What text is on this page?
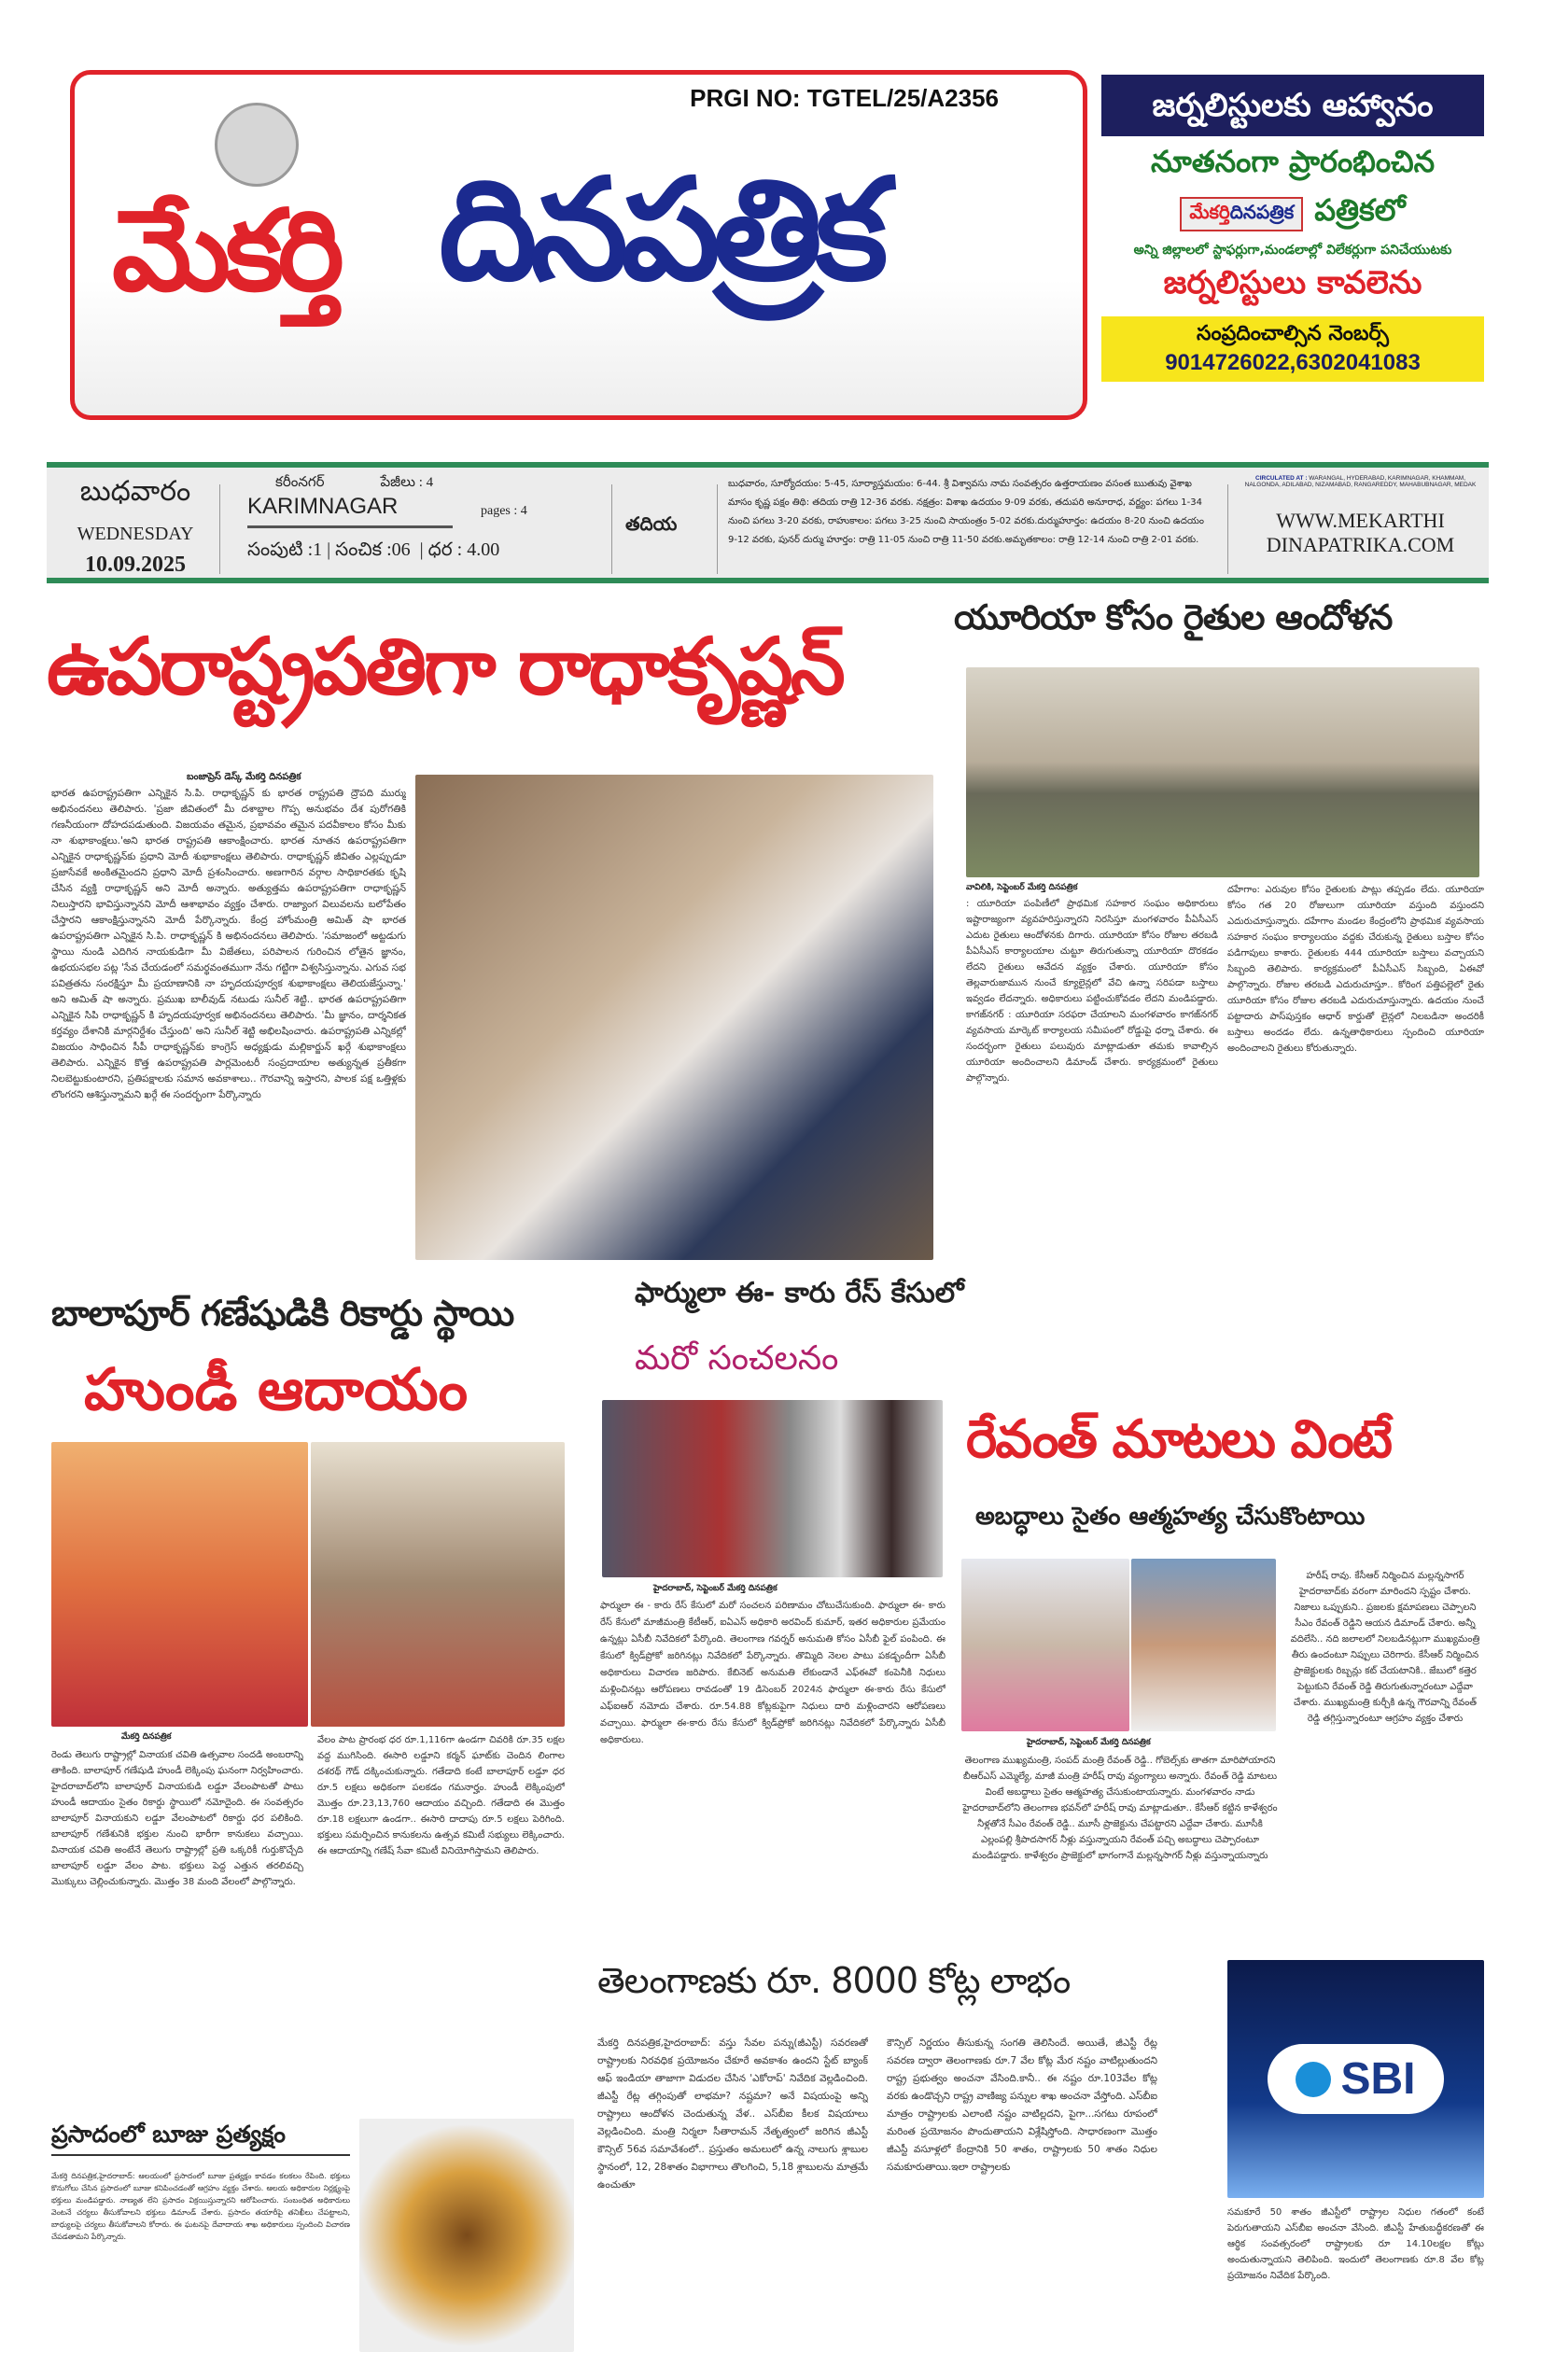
PRGI NO: TGTEL/25/A2356
మేకర్తి దినపత్రిక
జర్నలిస్టులకు ఆహ్వానం
నూతనంగా ప్రారంభించిన
మేకర్తిదినపత్రిక పత్రికలో
అన్ని జిల్లాలలో స్టాఫర్లుగా,మండలాల్లో విలేకర్లుగా పనిచేయుటకు
జర్నలిస్టులు కావలెను
సంప్రదించాల్సిన నెంబర్స్
9014726022,6302041083
బుధవారం
WEDNESDAY
10.09.2025
కరీంనగర్	పేజీలు : 4
KARIMNAGAR	pages : 4
సంపుటి :1 | సంచిక :06  | ధర : 4.00
తదియ
బుధవారం, సూర్యోదయం: 5-45, సూర్యాస్తమయం: 6-44. శ్రీ విశ్వావసు నామ సంవత్సరం ఉత్తరాయణం వసంత ఋతువు వైశాఖ మాసం కృష్ణ పక్షం తిథి: తదియ రాత్రి 12-36 వరకు. నక్షత్రం: విశాఖ ఉదయం 9-09 వరకు, తదుపరి అనూరాధ, వర్జ్యం: పగలు 1-34 నుంచి పగలు 3-20 వరకు, రాహుకాలం: పగలు 3-25 నుంచి సాయంత్రం 5-02 వరకు.దుర్ముహూర్తం: ఉదయం 8-20 నుంచి ఉదయం 9-12 వరకు, పునర్ దుర్ము హూర్తం: రాత్రి 11-05 నుంచి రాత్రి 11-50 వరకు.అమృతకాలం: రాత్రి 12-14 నుంచి రాత్రి 2-01 వరకు.
CIRCULATED AT : WARANGAL, HYDERABAD, KARIMNAGAR, KHAMMAM, NALGONDA, ADILABAD, NIZAMABAD, RANGAREDDY, MAHABUBNAGAR, MEDAK
WWW.MEKARTHI
DINAPATRIKA.COM
ఉపరాష్ట్రపతిగా రాధాకృష్ణన్
బంజాప్రెస్ డెస్క్ మేకర్తి దినపత్రిక
భారత ఉపరాష్ట్రపతిగా ఎన్నికైన సి.పి. రాధాకృష్ణన్ కు భారత రాష్ట్రపతి ద్రౌపది ముర్ము అభినందనలు తెలిపారు. 'ప్రజా జీవితంలో మీ దశాబ్దాల గొప్ప అనుభవం దేశ పురోగతికి గణనీయంగా దోహదపడుతుంది. విజయవం తమైన, ప్రభావవం తమైన పదవీకాలం కోసం మీకు నా శుభాకాంక్షలు.'అని భారత రాష్ట్రపతి ఆకాంక్షించారు. భారత నూతన ఉపరాష్ట్రపతిగా ఎన్నికైన రాధాకృష్ణన్‌కు ప్రధాని మోదీ శుభాకాంక్షలు తెలిపారు. రాధాకృష్ణన్ జీవితం ఎల్లప్పుడూ ప్రజాసేవకే అంకితమైందని ప్రధాని మోదీ ప్రశంసించారు. అణగారిన వర్గాల సాధికారతకు కృషి చేసిన వ్యక్తి రాధాకృష్ణన్ అని మోదీ అన్నారు. అత్యుత్తమ ఉపరాష్ట్రపతిగా రాధాకృష్ణన్ నిలుస్తారని భావిస్తున్నానని మోదీ ఆశాభావం వ్యక్తం చేశారు. రాజ్యాంగ విలువలను బలోపేతం చేస్తారని ఆకాంక్షిస్తున్నానని మోదీ పేర్కొన్నారు. కేంద్ర హోంమంత్రి అమిత్ షా భారత ఉపరాష్ట్రపతిగా ఎన్నికైన సి.పి. రాధాకృష్ణన్ కి అభినందనలు తెలిపారు. 'సమాజంలో అట్టడుగు స్థాయి నుండి ఎదిగిన నాయకుడిగా మీ విజేతలు, పరిపాలన గురించిన లోతైన జ్ఞానం, ఉభయసభల పట్ల 'సేవ చేయడంలో సమర్థవంతముగా నేను గట్టిగా విశ్వసిస్తున్నాను. ఎగువ సభ పవిత్రతను సంరక్షిస్తూ మీ ప్రయాణానికి నా హృదయపూర్వక శుభాకాంక్షలు తెలియజేస్తున్నా.' అని అమిత్ షా అన్నారు. ప్రముఖ బాలీవుడ్ నటుడు సునీల్ శెట్టి.. భారత ఉపరాష్ట్రపతిగా ఎన్నికైన సిపి రాధాకృష్ణన్ కి హృదయపూర్వక అభినందనలు తెలిపారు. 'మీ జ్ఞానం, దార్శనికత కర్తవ్యం దేశానికి మార్గనిర్దేశం చేస్తుంది' అని సునీల్ శెట్టి అభిలషించారు. ఉపరాష్ట్రపతి ఎన్నికల్లో విజయం సాధించిన సీపీ రాధాకృష్ణన్‌కు కాంగ్రెస్ అధ్యక్షుడు మల్లికార్జున్ ఖర్గే శుభాకాంక్షలు తెలిపారు. ఎన్నికైన కొత్త ఉపరాష్ట్రపతి పార్లమెంటరీ సంప్రదాయాల అత్యున్నత ప్రతీకగా నిలబెట్టుకుంటారని, ప్రతిపక్షాలకు సమాన అవకాశాలు.. గౌరవాన్ని ఇస్తారని, పాలక పక్ష ఒత్తిళ్లకు లొంగరని ఆశిస్తున్నామని ఖర్గే ఈ సందర్భంగా పేర్కొన్నారు
యూరియా కోసం రైతుల ఆందోళన
వావిలికి, సెప్టెంబర్ మేకర్తి దినపత్రిక
: యూరియా పంపిణీలో ప్రాథమిక సహకార సంఘం అధికారులు ఇష్టారాజ్యంగా వ్యవహరిస్తున్నారని నిరసిస్తూ మంగళవారం పీఏసీఎస్ ఎదుట రైతులు ఆందోళనకు దిగారు. యూరియా కోసం రోజుల తరబడి పీఏసీఎస్ కార్యాలయాల చుట్టూ తిరుగుతున్నా యూరియా దొరకడం లేదని రైతులు ఆవేదన వ్యక్తం చేశారు. యూరియా కోసం తెల్లవారుజామున నుంచే క్యూలైన్లలో వేచి ఉన్నా సరిపడా బస్తాలు ఇవ్వడం లేదన్నారు. అధికారులు పట్టించుకోవడం లేదని మండిపడ్డారు. కాగజ్‌నగర్ : యూరియా సరఫరా చేయాలని మంగళవారం కాగజ్‌నగర్ వ్యవసాయ మార్కెట్ కార్యాలయ సమీపంలో రోడ్డుపై ధర్నా చేశారు. ఈ సందర్భంగా రైతులు పలువురు మాట్లాడుతూ తమకు కావాల్సిన యూరియా అందించాలని డిమాండ్ చేశారు. కార్యక్రమంలో రైతులు పాల్గొన్నారు.
దహేగాం: ఎరువుల కోసం రైతులకు పాట్లు తప్పడం లేదు. యూరియా కోసం గత 20 రోజులుగా యూరియా వస్తుంది వస్తుందని ఎదురుచూస్తున్నారు. దహేగాం మండల కేంద్రంలోని ప్రాథమిక వ్యవసాయ సహకార సంఘం కార్యాలయం వద్దకు చేరుకున్న రైతులు బస్తాల కోసం పడిగాపులు కాశారు. రైతులకు 444 యూరియా బస్తాలు వచ్చాయని సిబ్బంది తెలిపారు. కార్యక్రమంలో పీఏసీఎస్ సిబ్బంది, ఏఈవో పాల్గొన్నారు. రోజుల తరబడి ఎదురుచూస్తూ.. కోరింగ పత్తిపల్లెలో రైతు యూరియా కోసం రోజుల తరబడి ఎదురుచూస్తున్నారు. ఉదయం నుంచే పట్టాదారు పాస్‌పుస్తకం ఆధార్ కార్డుతో లైన్లలో నిలబడినా అందరికీ బస్తాలు అందడం లేదు. ఉన్నతాధికారులు స్పందించి యూరియా అందించాలని రైతులు కోరుతున్నారు.
బాలాపూర్ గణేషుడికి రికార్డు స్థాయి
హుండీ ఆదాయం
మేకర్తి దినపత్రిక
రెండు తెలుగు రాష్ట్రాల్లో వినాయక చవితి ఉత్సవాల సందడి అంబరాన్ని తాకింది. బాలాపూర్ గణేషుడి హుండీ లెక్కింపు ఘనంగా నిర్వహించారు. హైదరాబాద్‌లోని బాలాపూర్ వినాయకుడి లడ్డూ వేలంపాటతో పాటు హుండీ ఆదాయం సైతం రికార్డు స్థాయిలో నమోదైంది. ఈ సంవత్సరం బాలాపూర్ వినాయకుని లడ్డూ వేలంపాటలో రికార్డు ధర పలికింది. బాలాపూర్ గణేశునికి భక్తుల నుంచి భారీగా కానుకలు వచ్చాయి. వినాయక చవితి అంటేనే తెలుగు రాష్ట్రాల్లో ప్రతి ఒక్కరికీ గుర్తుకొచ్చేది బాలాపూర్ లడ్డూ వేలం పాట. భక్తులు పెద్ద ఎత్తున తరలివచ్చి మొక్కులు చెల్లించుకున్నారు. మొత్తం 38 మంది వేలంలో పాల్గొన్నారు.
వేలం పాట ప్రారంభ ధర రూ.1,116గా ఉండగా చివరికి రూ.35 లక్షల వద్ద ముగిసింది. ఈసారి లడ్డూని కర్మన్ ఘాట్‌కు చెందిన లింగాల దశరథ్ గౌడ్ దక్కించుకున్నారు. గతేడాది కంటే బాలాపూర్ లడ్డూ ధర రూ.5 లక్షలు అధికంగా పలకడం గమనార్హం. హుండీ లెక్కింపులో మొత్తం రూ.23,13,760 ఆదాయం వచ్చింది. గతేడాది ఈ మొత్తం రూ.18 లక్షలుగా ఉండగా.. ఈసారి దాదాపు రూ.5 లక్షలు పెరిగింది. భక్తులు సమర్పించిన కానుకలను ఉత్సవ కమిటీ సభ్యులు లెక్కించారు. ఈ ఆదాయాన్ని గణేష్ సేవా కమిటీ వినియోగిస్తామని తెలిపారు.
ప్రసాదంలో బూజు ప్రత్యక్షం
మేకర్తి దినపత్రిక,హైదరాబాద్: ఆలయంలో ప్రసాదంలో బూజు ప్రత్యక్షం కావడం కలకలం రేపింది. భక్తులు కొనుగోలు చేసిన ప్రసాదంలో బూజు కనిపించడంతో ఆగ్రహం వ్యక్తం చేశారు. ఆలయ అధికారుల నిర్లక్ష్యంపై భక్తులు మండిపడ్డారు. నాణ్యత లేని ప్రసాదం విక్రయిస్తున్నారని ఆరోపించారు. సంబంధిత అధికారులు వెంటనే చర్యలు తీసుకోవాలని భక్తులు డిమాండ్ చేశారు. ప్రసాదం తయారీపై తనిఖీలు చేపట్టాలని, బాధ్యులపై చర్యలు తీసుకోవాలని కోరారు. ఈ ఘటనపై దేవాదాయ శాఖ అధికారులు స్పందించి విచారణ చేపడతామని పేర్కొన్నారు.
ఫార్ములా ఈ- కారు రేస్ కేసులో
మరో సంచలనం
హైదరాబాద్, సెప్టెంబర్ మేకర్తి దినపత్రిక
ఫార్ములా ఈ - కారు రేస్ కేసులో మరో సంచలన పరిణామం చోటుచేసుకుంది. ఫార్ములా ఈ- కారు రేస్ కేసులో మాజీమంత్రి కేటీఆర్, ఐఏఎస్ అధికారి అరవింద్ కుమార్, ఇతర అధికారుల ప్రమేయం ఉన్నట్లు ఏసీబీ నివేదికలో పేర్కొంది. తెలంగాణ గవర్నర్ అనుమతి కోసం ఏసీబీ ఫైల్ పంపింది. ఈ కేసులో క్విడ్‌ప్రోకో జరిగినట్లు నివేదికలో పేర్కొన్నారు. తొమ్మిది నెలల పాటు పకడ్బందీగా ఏసీబీ అధికారులు విచారణ జరిపారు. కేబినెట్ అనుమతి లేకుండానే ఎఫ్‌ఈవో కంపెనీకి నిధులు మళ్లించినట్లు ఆరోపణలు రావడంతో 19 డిసెంబర్ 2024న ఫార్ములా ఈ-కారు రేసు కేసులో ఎఫ్ఐఆర్ నమోదు చేశారు. రూ.54.88 కోట్లకుపైగా నిధులు దారి మళ్లించారని ఆరోపణలు వచ్చాయి. ఫార్ములా ఈ-కారు రేసు కేసులో క్విడ్‌ప్రోకో జరిగినట్లు నివేదికలో పేర్కొన్నారు ఏసీబీ అధికారులు.
రేవంత్ మాటలు వింటే
అబద్ధాలు సైతం ఆత్మహత్య చేసుకొంటాయి
హరీష్ రావు. కేసీఆర్ నిర్మించిన మల్లన్నసాగర్ హైదరాబాద్‌కు వరంగా మారిందని స్పష్టం చేశారు. నిజాలు ఒప్పుకుని.. ప్రజలకు క్షమాపణలు చెప్పాలని సీఎం రేవంత్ రెడ్డిని ఆయన డిమాండ్ చేశారు. అన్నీ వదిలేసి.. నది జలాలలో నిలబడినట్లుగా ముఖ్యమంత్రి తీరు ఉందంటూ నిప్పులు చెరిగారు. కేసీఆర్ నిర్మించిన ప్రాజెక్టులకు రిబ్బన్లు కట్ చేయటానికి.. జేబులో కత్తెర పెట్టుకుని రేవంత్ రెడ్డి తిరుగుతున్నారంటూ ఎద్దేవా చేశారు. ముఖ్యమంత్రి కుర్చీకి ఉన్న గౌరవాన్ని రేవంత్ రెడ్డి తగ్గిస్తున్నారంటూ ఆగ్రహం వ్యక్తం చేశారు
హైదరాబాద్, సెప్టెంబర్ మేకర్తి దినపత్రిక
తెలంగాణ ముఖ్యమంత్రి, సంపద్ మంత్రి రేవంత్ రెడ్డి.. గోబెల్స్‌కు తాతగా మారిపోయారని బీఆర్ఎస్ ఎమ్మెల్యే, మాజీ మంత్రి హరీష్ రావు వ్యంగ్యాలు అన్నారు. రేవంత్ రెడ్డి మాటలు వింటే అబద్ధాలు సైతం ఆత్మహత్య చేసుకుంటాయన్నారు. మంగళవారం నాడు హైదరాబాద్‌లోని తెలంగాణ భవన్‌లో హరీష్ రావు మాట్లాడుతూ.. కేసీఆర్ కట్టిన కాళేశ్వరం నీళ్లతోనే సీఎం రేవంత్ రెడ్డి.. మూసీ ప్రాజెక్టును చేపట్టారని ఎద్దేవా చేశారు. మూసీకి ఎల్లంపల్లి శ్రీపాదసాగర్ నీళ్లు వస్తున్నాయని రేవంత్ పచ్చి అబద్ధాలు చెప్పారంటూ మండిపడ్డారు. కాళేశ్వరం ప్రాజెక్టులో భాగంగానే మల్లన్నసాగర్ నీళ్లు వస్తున్నాయన్నారు
తెలంగాణకు రూ. 8000 కోట్ల లాభం
మేకర్తి దినపత్రిక,హైదరాబాద్: వస్తు సేవల పన్ను(జీఎస్టీ) సవరణతో రాష్ట్రాలకు నిరవధిక ప్రయోజనం చేకూరే అవకాశం ఉందని స్టేట్ బ్యాంక్ ఆఫ్ ఇండియా తాజాగా విడుదల చేసిన 'ఎకోరాప్' నివేదిక వెల్లడించింది. జీఎస్టీ రేట్ల తగ్గింపుతో లాభమా? నష్టమా? అనే విషయంపై అన్ని రాష్ట్రాలు ఆందోళన చెందుతున్న వేళ.. ఎస్‌బీఐ కీలక విషయాలు వెల్లడించింది. మంత్రి నిర్మలా సీతారామన్ నేతృత్వంలో జరిగిన జీఎస్టీ కౌన్సిల్ 56వ సమావేశంలో.. ప్రస్తుతం అమలులో ఉన్న నాలుగు శ్లాబుల స్థానంలో, 12, 28శాతం విభాగాలు తొలగించి, 5,18 శ్లాబులను మాత్రమే ఉంచుతూ
కౌన్సిల్ నిర్ణయం తీసుకున్న సంగతి తెలిసిందే. అయితే, జీఎస్టీ రేట్ల సవరణ ద్వారా తెలంగాణకు రూ.7 వేల కోట్ల మేర నష్టం వాటిల్లుతుందని రాష్ట్ర ప్రభుత్వం అంచనా వేసింది.కానీ.. ఈ నష్టం రూ.103వేల కోట్ల వరకు ఉండొచ్చని రాష్ట్ర వాణిజ్య పన్నుల శాఖ అంచనా వేస్తోంది. ఎస్‌బీఐ మాత్రం రాష్ట్రాలకు ఎలాంటి నష్టం వాటిల్లదని, పైగా...సగటు రూపంలో మరింత ప్రయోజనం పొందుతాయని విశ్లేషిస్తోంది. సాధారణంగా మొత్తం జీఎస్టీ వసూళ్లలో కేంద్రానికి 50 శాతం, రాష్ట్రాలకు 50 శాతం నిధుల సమకూరుతాయి.ఇలా రాష్ట్రాలకు
SBI
సమకూరే 50 శాతం జీఎస్టీలో రాష్ట్రాల నిధుల గతంలో కంటే పెరుగుతాయని ఎస్‌బీఐ అంచనా వేసింది. జీఎస్టీ హేతుబద్ధీకరణతో ఈ ఆర్థిక సంవత్సరంలో రాష్ట్రాలకు రూ 14.10లక్షల కోట్లు అందుతున్నాయని తెలిపింది. ఇందులో తెలంగాణకు రూ.8 వేల కోట్ల ప్రయోజనం నివేదిక పేర్కొంది.
